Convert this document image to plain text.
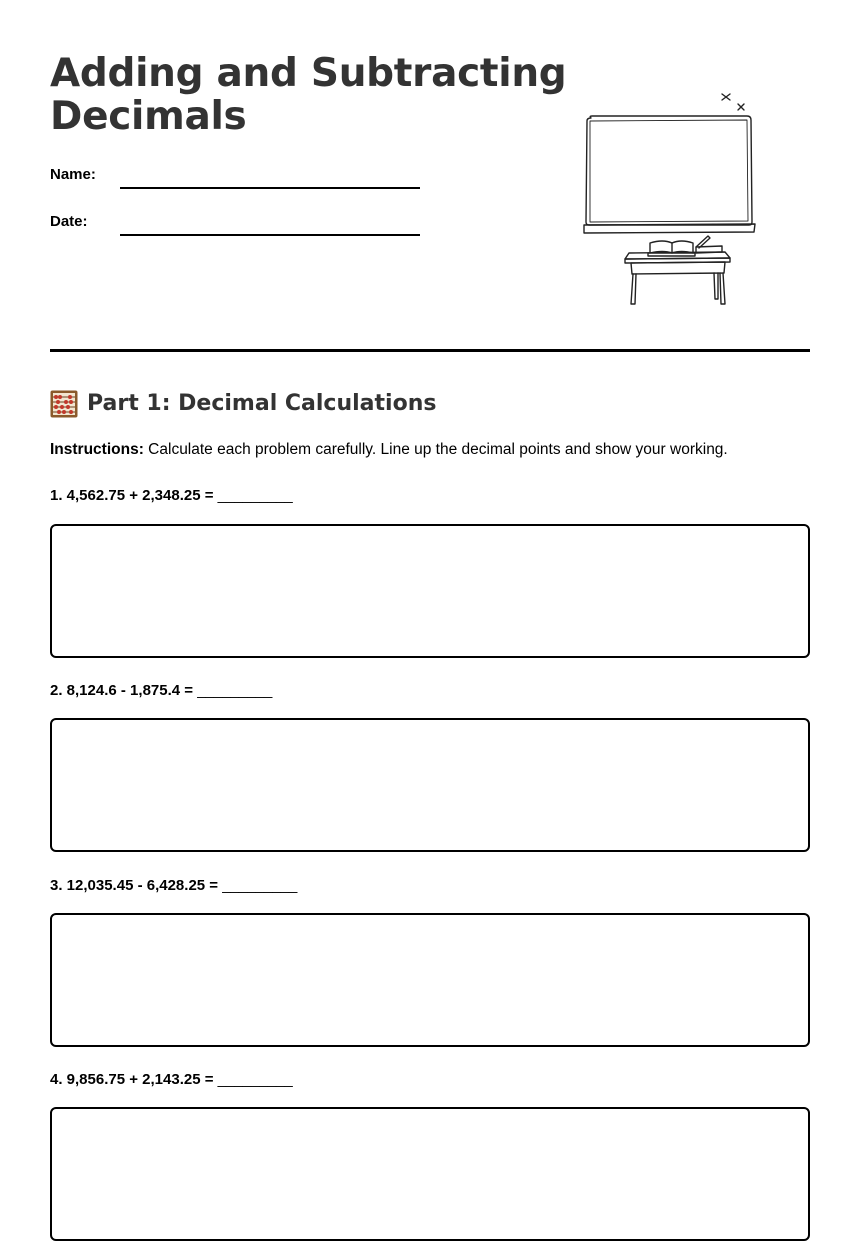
Adding and Subtracting
Decimals
Name:
Date:
Part 1: Decimal Calculations
Instructions: Calculate each problem carefully. Line up the decimal points and show your working.
1. 4,562.75 + 2,348.25 = _________
2. 8,124.6 - 1,875.4 = _________
3. 12,035.45 - 6,428.25 = _________
4. 9,856.75 + 2,143.25 = _________
